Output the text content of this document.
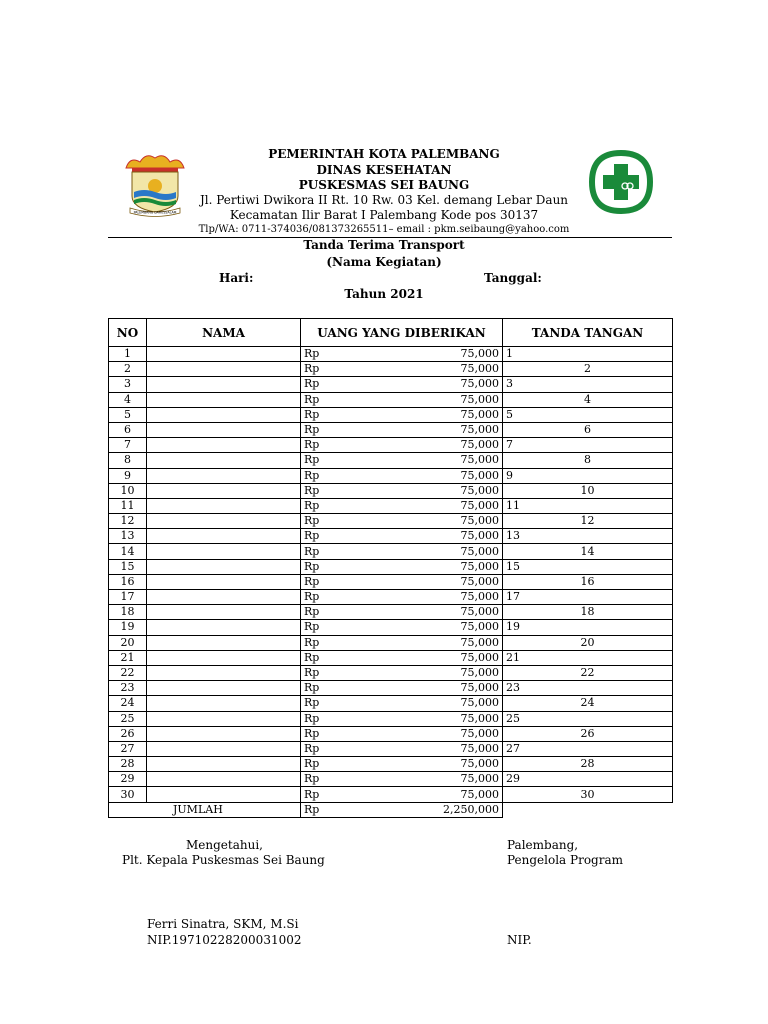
PALEMBANG DARUSSALAM
PEMERINTAH KOTA PALEMBANG
DINAS KESEHATAN
PUSKESMAS SEI BAUNG
Jl. Pertiwi Dwikora II Rt. 10 Rw. 03 Kel. demang Lebar Daun
Kecamatan Ilir Barat I Palembang Kode pos 30137
Tlp/WA: 0711-374036/081373265511– email : pkm.seibaung@yahoo.com
Tanda Terima Transport
(Nama Kegiatan)
Hari:	Tanggal:
Tahun 2021
NO	NAMA	UANG YANG DIBERIKAN		TANDA TANGAN
1		Rp	75,000	1
2		Rp	75,000	2
3		Rp	75,000	3
4		Rp	75,000	4
5		Rp	75,000	5
6		Rp	75,000	6
7		Rp	75,000	7
8		Rp	75,000	8
9		Rp	75,000	9
10		Rp	75,000	10
11		Rp	75,000	11
12		Rp	75,000	12
13		Rp	75,000	13
14		Rp	75,000	14
15		Rp	75,000	15
16		Rp	75,000	16
17		Rp	75,000	17
18		Rp	75,000	18
19		Rp	75,000	19
20		Rp	75,000	20
21		Rp	75,000	21
22		Rp	75,000	22
23		Rp	75,000	23
24		Rp	75,000	24
25		Rp	75,000	25
26		Rp	75,000	26
27		Rp	75,000	27
28		Rp	75,000	28
29		Rp	75,000	29
30		Rp	75,000	30
JUMLAH		Rp	2,250,000	
Mengetahui,
Plt. Kepala Puskesmas Sei Baung
Ferri Sinatra, SKM, M.Si
NIP.19710228200031002
Palembang,
Pengelola Program
NIP.
